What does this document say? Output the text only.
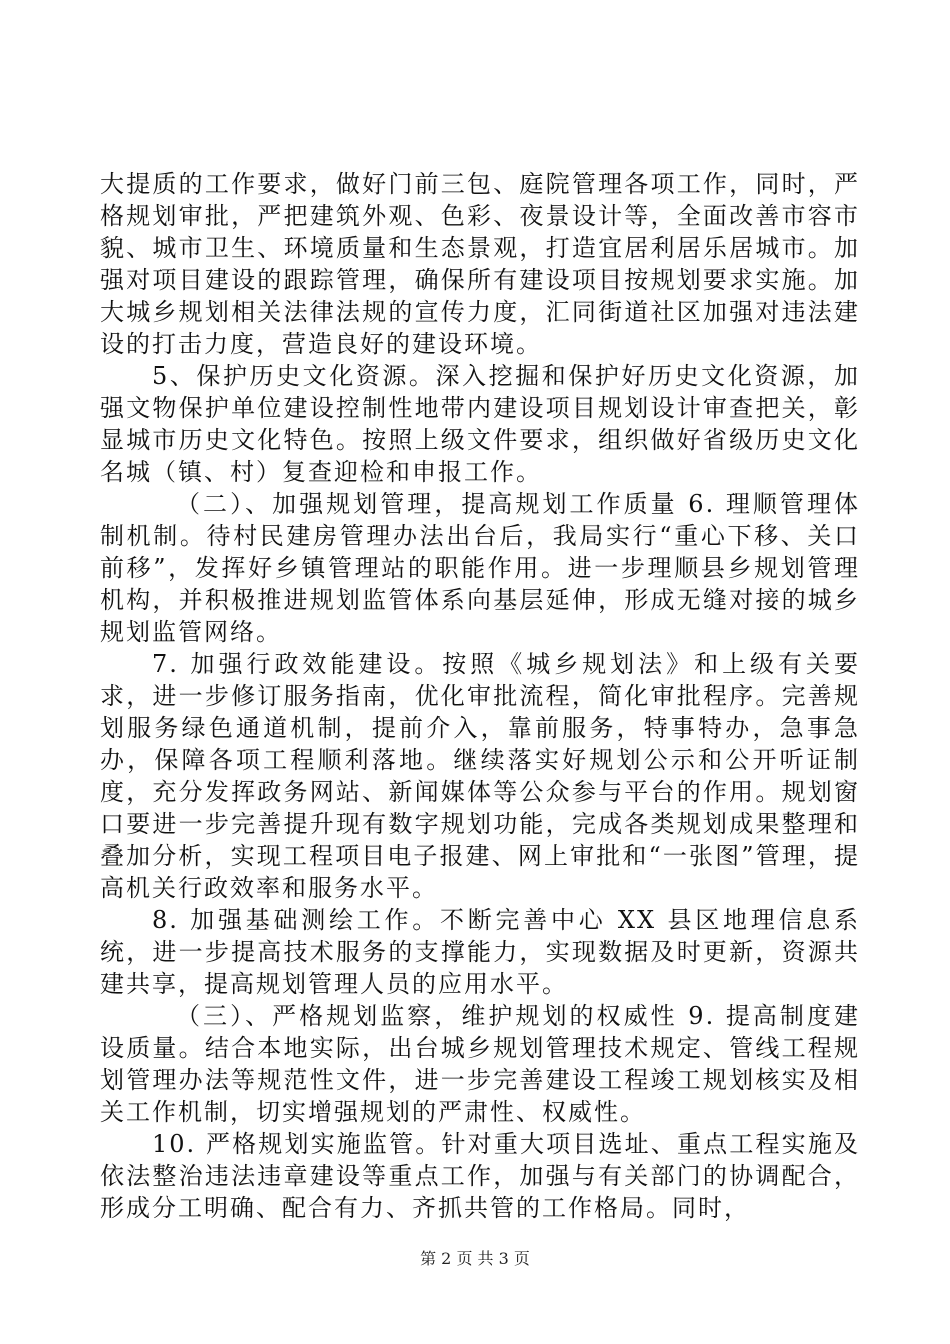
大提质的工作要求，做好门前三包、庭院管理各项工作，同时，严格规划审批，严把建筑外观、色彩、夜景设计等，全面改善市容市貌、城市卫生、环境质量和生态景观，打造宜居利居乐居城市。加强对项目建设的跟踪管理，确保所有建设项目按规划要求实施。加大城乡规划相关法律法规的宣传力度，汇同街道社区加强对违法建设的打击力度，营造良好的建设环境。

5、保护历史文化资源。深入挖掘和保护好历史文化资源，加强文物保护单位建设控制性地带内建设项目规划设计审查把关，彰显城市历史文化特色。按照上级文件要求，组织做好省级历史文化名城（镇、村）复查迎检和申报工作。

（二）、加强规划管理，提高规划工作质量 6. 理顺管理体制机制。待村民建房管理办法出台后，我局实行“重心下移、关口前移”，发挥好乡镇管理站的职能作用。进一步理顺县乡规划管理机构，并积极推进规划监管体系向基层延伸，形成无缝对接的城乡规划监管网络。

7. 加强行政效能建设。按照《城乡规划法》和上级有关要求，进一步修订服务指南，优化审批流程，简化审批程序。完善规划服务绿色通道机制，提前介入，靠前服务，特事特办，急事急办，保障各项工程顺利落地。继续落实好规划公示和公开听证制度，充分发挥政务网站、新闻媒体等公众参与平台的作用。规划窗口要进一步完善提升现有数字规划功能，完成各类规划成果整理和叠加分析，实现工程项目电子报建、网上审批和“一张图”管理，提高机关行政效率和服务水平。

8. 加强基础测绘工作。不断完善中心 XX 县区地理信息系统，进一步提高技术服务的支撑能力，实现数据及时更新，资源共建共享，提高规划管理人员的应用水平。

（三）、严格规划监察，维护规划的权威性 9. 提高制度建设质量。结合本地实际，出台城乡规划管理技术规定、管线工程规划管理办法等规范性文件，进一步完善建设工程竣工规划核实及相关工作机制，切实增强规划的严肃性、权威性。

10. 严格规划实施监管。针对重大项目选址、重点工程实施及依法整治违法违章建设等重点工作，加强与有关部门的协调配合，形成分工明确、配合有力、齐抓共管的工作格局。同时，

第 2 页 共 3 页
